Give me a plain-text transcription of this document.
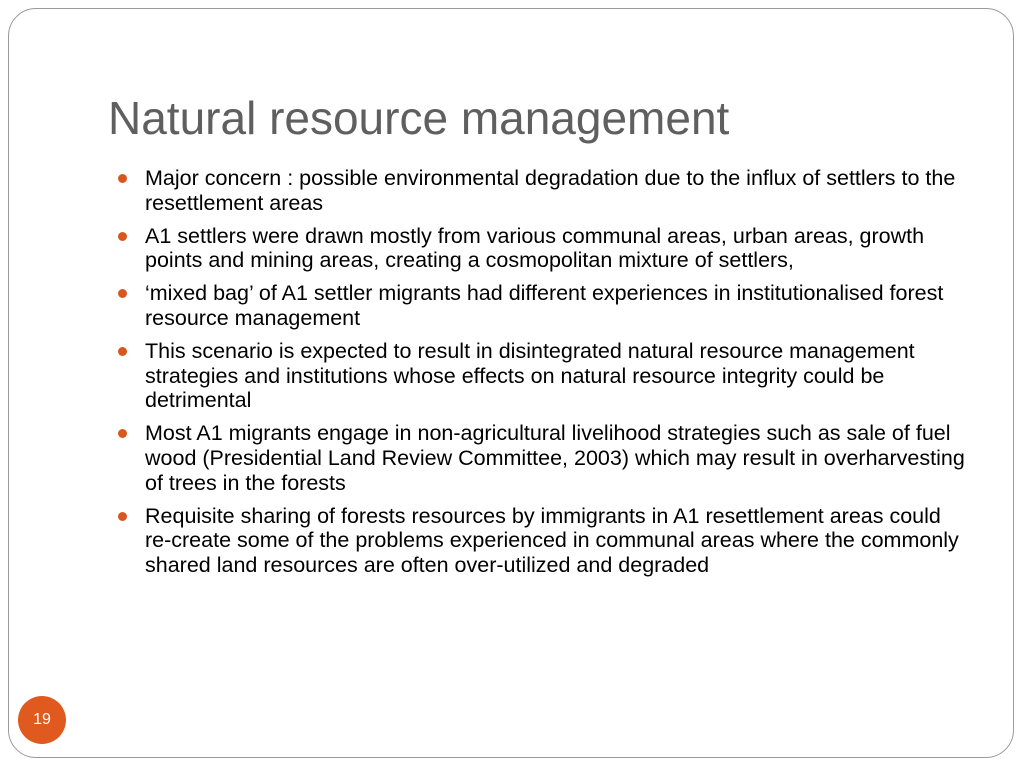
Natural resource management
Major concern : possible environmental degradation due to the influx of settlers to the resettlement areas
A1 settlers were drawn mostly from various communal areas, urban areas, growth points and mining areas, creating a cosmopolitan mixture of settlers,
‘mixed bag’ of A1 settler migrants had different experiences in institutionalised forest resource management
This scenario is expected to result in disintegrated natural resource management strategies and institutions whose effects on natural resource integrity could be detrimental
Most A1 migrants engage in non-agricultural livelihood strategies such as sale of fuel wood (Presidential Land Review Committee, 2003) which may result in overharvesting of trees in the forests
Requisite sharing of forests resources by immigrants in A1 resettlement areas could re-create some of the problems experienced in communal areas where the commonly shared land resources are often over-utilized and degraded
19
